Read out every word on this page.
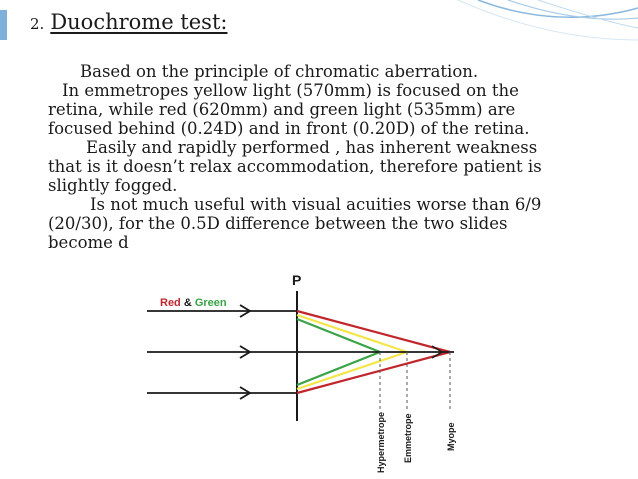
2. Duochrome test:

Based on the principle of chromatic aberration.

In emmetropes yellow light (570mm) is focused on the

retina, while red (620mm) and green light (535mm) are

focused behind (0.24D) and in front (0.20D) of the retina.

Easily and rapidly performed , has inherent weakness

that is it doesn’t relax accommodation, therefore patient is

slightly fogged.

Is not much useful with visual acuities worse than 6/9

(20/30), for the 0.5D difference between the two slides

become d

P
Red & Green
Hypermetrope Emmetrope	Myope
